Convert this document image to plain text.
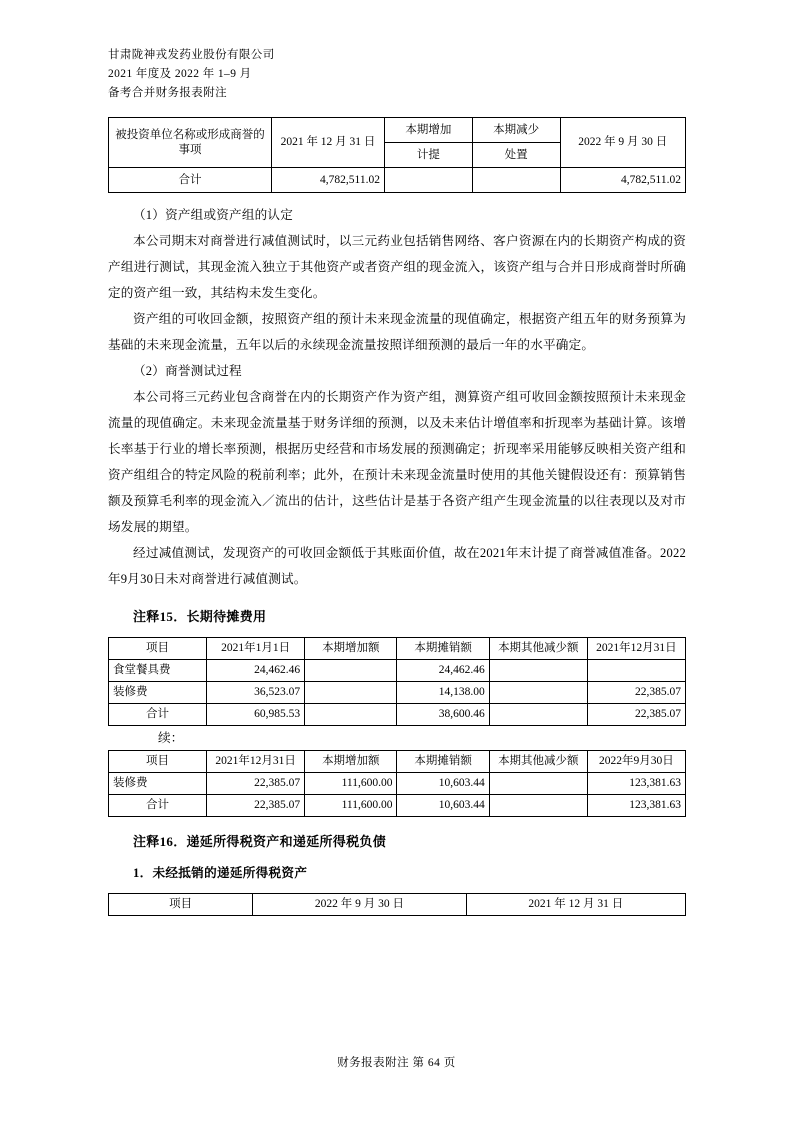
甘肃陇神戎发药业股份有限公司
2021 年度及 2022 年 1–9 月
备考合并财务报表附注
被投资单位名称或形成商誉的事项	2021 年 12 月 31 日	本期增加	本期减少	2022 年 9 月 30 日
		计提	处置	
合计	4,782,511.02			4,782,511.02

（1）资产组或资产组的认定

本公司期末对商誉进行减值测试时，以三元药业包括销售网络、客户资源在内的长期资产构成的资产组进行测试，其现金流入独立于其他资产或者资产组的现金流入，该资产组与合并日形成商誉时所确定的资产组一致，其结构未发生变化。

资产组的可收回金额，按照资产组的预计未来现金流量的现值确定，根据资产组五年的财务预算为基础的未来现金流量，五年以后的永续现金流量按照详细预测的最后一年的水平确定。

（2）商誉测试过程

本公司将三元药业包含商誉在内的长期资产作为资产组，测算资产组可收回金额按照预计未来现金流量的现值确定。未来现金流量基于财务详细的预测，以及未来估计增值率和折现率为基础计算。该增长率基于行业的增长率预测，根据历史经营和市场发展的预测确定；折现率采用能够反映相关资产组和资产组组合的特定风险的税前利率；此外，在预计未来现金流量时使用的其他关键假设还有：预算销售额及预算毛利率的现金流入／流出的估计，这些估计是基于各资产组产生现金流量的以往表现以及对市场发展的期望。

经过减值测试，发现资产的可收回金额低于其账面价值，故在2021年末计提了商誉减值准备。2022年9月30日未对商誉进行减值测试。

注释15．长期待摊费用
项目	2021年1月1日	本期增加额	本期摊销额	本期其他减少额	2021年12月31日
食堂餐具费	24,462.46		24,462.46		
装修费	36,523.07		14,138.00		22,385.07
合计	60,985.53		38,600.46		22,385.07
续：
项目	2021年12月31日	本期增加额	本期摊销额	本期其他减少额	2022年9月30日
装修费	22,385.07	111,600.00	10,603.44		123,381.63
合计	22,385.07	111,600.00	10,603.44		123,381.63
注释16．递延所得税资产和递延所得税负债
1．未经抵销的递延所得税资产
项目	2022 年 9 月 30 日	2021 年 12 月 31 日
财务报表附注 第 64 页
